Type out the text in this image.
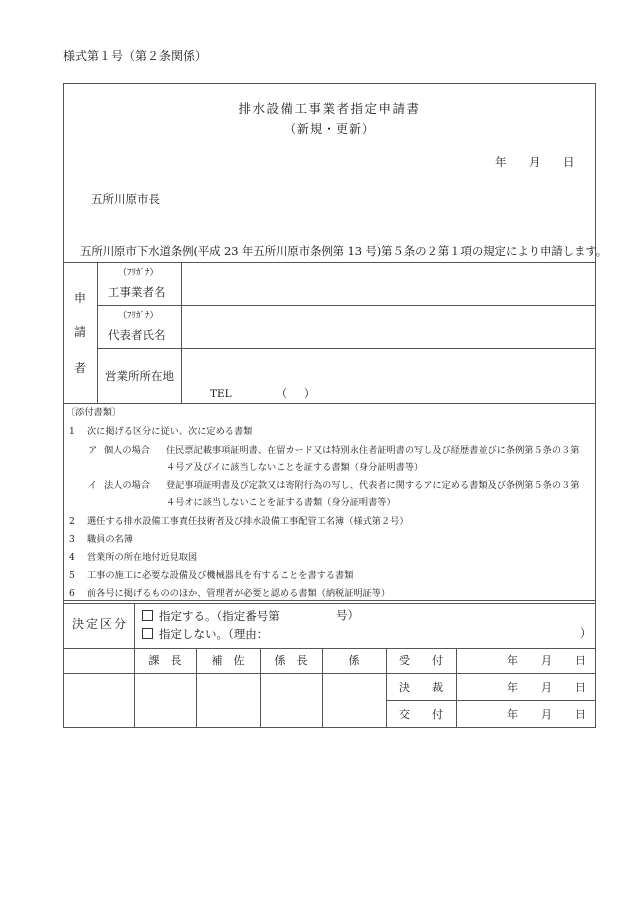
様式第１号（第２条関係）
排水設備工事業者指定申請書
（新規・更新）
年 月 日
五所川原市長
五所川原市下水道条例(平成 23 年五所川原市条例第 13 号)第５条の２第１項の規定により申請します。
申
請
者
（ﾌﾘｶﾞﾅ）
工事業者名
（ﾌﾘｶﾞﾅ）
代表者氏名
営業所所在地
TEL	（ ）
〔添付書類〕
1 次に掲げる区分に従い、次に定める書類
ア 個人の場合 住民票記載事項証明書、在留カード又は特別永住者証明書の写し及び経歴書並びに条例第５条の３第
４号ア及びイに該当しないことを証する書類（身分証明書等）
イ 法人の場合 登記事項証明書及び定款又は寄附行為の写し、代表者に関するアに定める書類及び条例第５条の３第
４号オに該当しないことを証する書類（身分証明書等）
2 選任する排水設備工事責任技術者及び排水設備工事配管工名簿（様式第２号）
3 職員の名簿
4 営業所の所在地付近見取図
5 工事の施工に必要な設備及び機械器具を有することを書する書類
6 前各号に掲げるもののほか、管理者が必要と認める書類（納税証明証等）
決定区分
指定する。（指定番号第	号）
指定しない。（理由：	）
課　長	補　佐	係　長	係	受　　付	年 月 日
決　　裁	年 月 日
交　　付	年 月 日
